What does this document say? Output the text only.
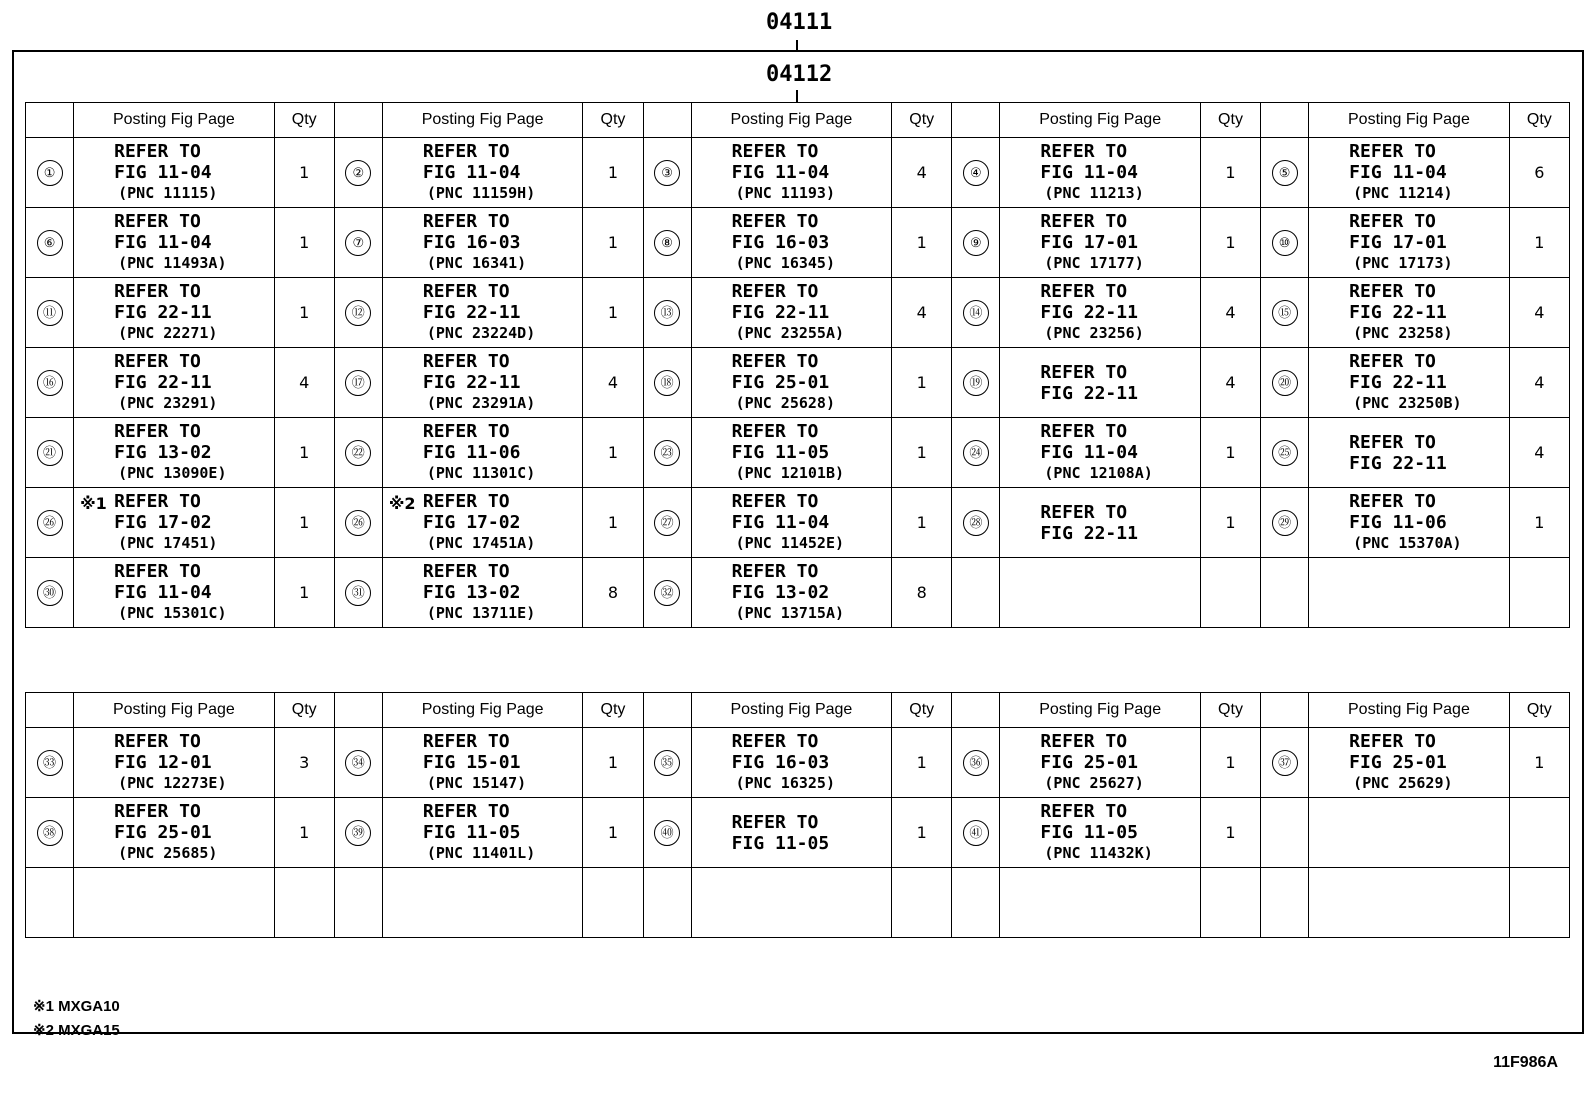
04111
04112
	Posting Fig Page	Qty		Posting Fig Page	Qty		Posting Fig Page	Qty		Posting Fig Page	Qty		Posting Fig Page	Qty
①	REFER TO
FIG 11-04
(PNC 11115)	1	②	REFER TO
FIG 11-04
(PNC 11159H)	1	③	REFER TO
FIG 11-04
(PNC 11193)	4	④	REFER TO
FIG 11-04
(PNC 11213)	1	⑤	REFER TO
FIG 11-04
(PNC 11214)	6
⑥	REFER TO
FIG 11-04
(PNC 11493A)	1	⑦	REFER TO
FIG 16-03
(PNC 16341)	1	⑧	REFER TO
FIG 16-03
(PNC 16345)	1	⑨	REFER TO
FIG 17-01
(PNC 17177)	1	⑩	REFER TO
FIG 17-01
(PNC 17173)	1
⑪	REFER TO
FIG 22-11
(PNC 22271)	1	⑫	REFER TO
FIG 22-11
(PNC 23224D)	1	⑬	REFER TO
FIG 22-11
(PNC 23255A)	4	⑭	REFER TO
FIG 22-11
(PNC 23256)	4	⑮	REFER TO
FIG 22-11
(PNC 23258)	4
⑯	REFER TO
FIG 22-11
(PNC 23291)	4	⑰	REFER TO
FIG 22-11
(PNC 23291A)	4	⑱	REFER TO
FIG 25-01
(PNC 25628)	1	⑲	REFER TO
FIG 22-11	4	⑳	REFER TO
FIG 22-11
(PNC 23250B)	4
㉑	REFER TO
FIG 13-02
(PNC 13090E)	1	㉒	REFER TO
FIG 11-06
(PNC 11301C)	1	㉓	REFER TO
FIG 11-05
(PNC 12101B)	1	㉔	REFER TO
FIG 11-04
(PNC 12108A)	1	㉕	REFER TO
FIG 22-11	4
㉖	※1 REFER TO
FIG 17-02
(PNC 17451)	1	㉖	※2 REFER TO
FIG 17-02
(PNC 17451A)	1	㉗	REFER TO
FIG 11-04
(PNC 11452E)	1	㉘	REFER TO
FIG 22-11	1	㉙	REFER TO
FIG 11-06
(PNC 15370A)	1
㉚	REFER TO
FIG 11-04
(PNC 15301C)	1	㉛	REFER TO
FIG 13-02
(PNC 13711E)	8	㉜	REFER TO
FIG 13-02
(PNC 13715A)	8		

	Posting Fig Page	Qty		Posting Fig Page	Qty		Posting Fig Page	Qty		Posting Fig Page	Qty		Posting Fig Page	Qty
㉝	REFER TO
FIG 12-01
(PNC 12273E)	3	㉞	REFER TO
FIG 15-01
(PNC 15147)	1	㉟	REFER TO
FIG 16-03
(PNC 16325)	1	㊱	REFER TO
FIG 25-01
(PNC 25627)	1	㊲	REFER TO
FIG 25-01
(PNC 25629)	1
㊳	REFER TO
FIG 25-01
(PNC 25685)	1	㊴	REFER TO
FIG 11-05
(PNC 11401L)	1	㊵	REFER TO
FIG 11-05	1	㊶	REFER TO
FIG 11-05
(PNC 11432K)	1		

※1 MXGA10
※2 MXGA15
11F986A
